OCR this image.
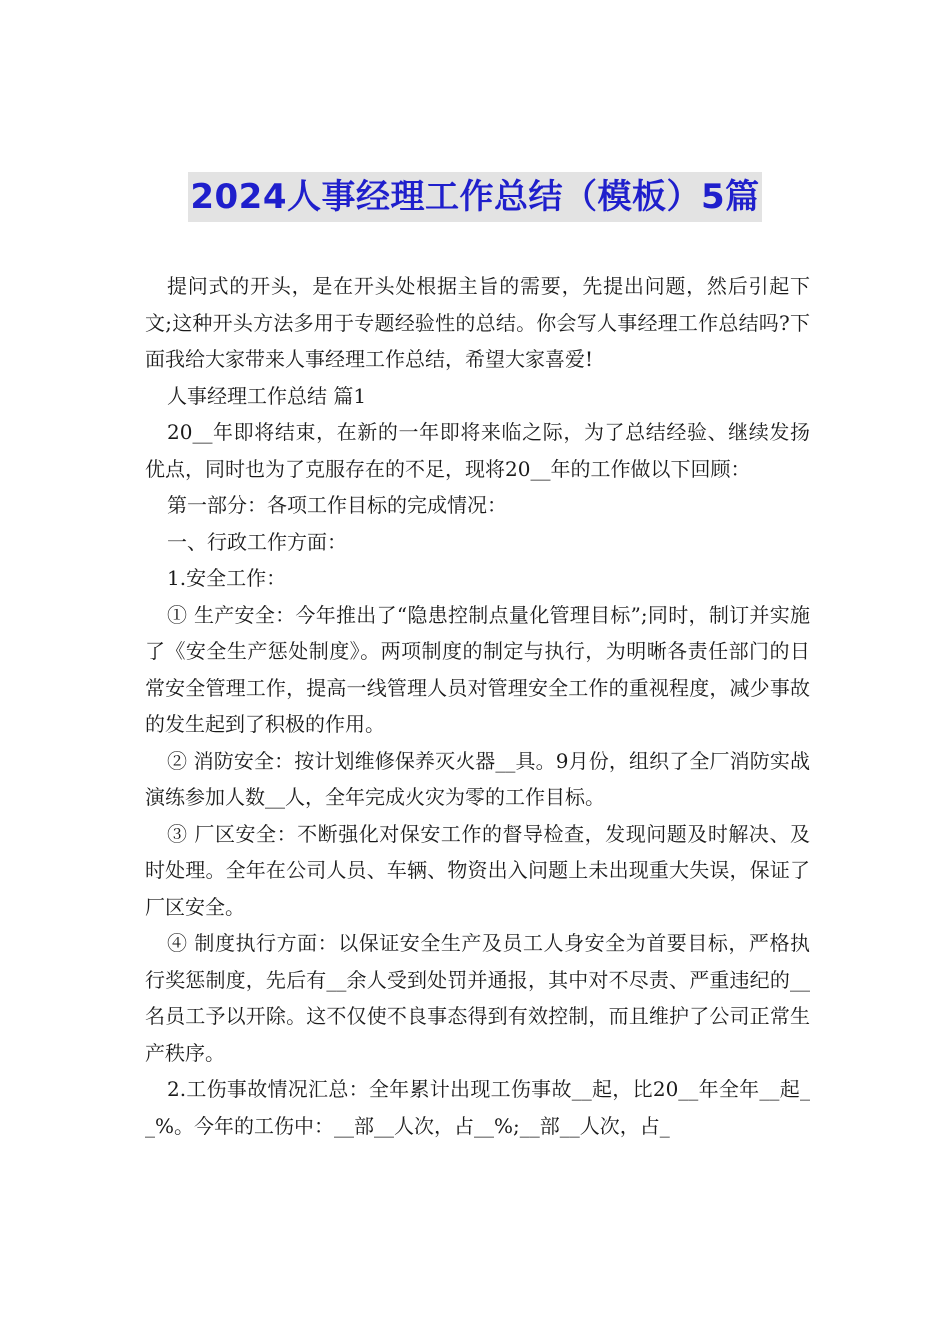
2024人事经理工作总结（模板）5篇

提问式的开头，是在开头处根据主旨的需要，先提出问题，然后引起下文;这种开头方法多用于专题经验性的总结。你会写人事经理工作总结吗?下面我给大家带来人事经理工作总结，希望大家喜爱!

人事经理工作总结 篇1

20__年即将结束，在新的一年即将来临之际，为了总结经验、继续发扬优点，同时也为了克服存在的不足，现将20__年的工作做以下回顾：

第一部分：各项工作目标的完成情况：

一、行政工作方面：

1.安全工作：

① 生产安全：今年推出了“隐患控制点量化管理目标”;同时，制订并实施了《安全生产惩处制度》。两项制度的制定与执行，为明晰各责任部门的日常安全管理工作，提高一线管理人员对管理安全工作的重视程度，减少事故的发生起到了积极的作用。

② 消防安全：按计划维修保养灭火器__具。9月份，组织了全厂消防实战演练参加人数__人，全年完成火灾为零的工作目标。

③ 厂区安全：不断强化对保安工作的督导检查，发现问题及时解决、及时处理。全年在公司人员、车辆、物资出入问题上未出现重大失误，保证了厂区安全。

④ 制度执行方面：以保证安全生产及员工人身安全为首要目标，严格执行奖惩制度，先后有__余人受到处罚并通报，其中对不尽责、严重违纪的__名员工予以开除。这不仅使不良事态得到有效控制，而且维护了公司正常生产秩序。

2.工伤事故情况汇总：全年累计出现工伤事故__起，比20__年全年__起__%。今年的工伤中：__部__人次，占__%;__部__人次，占_
